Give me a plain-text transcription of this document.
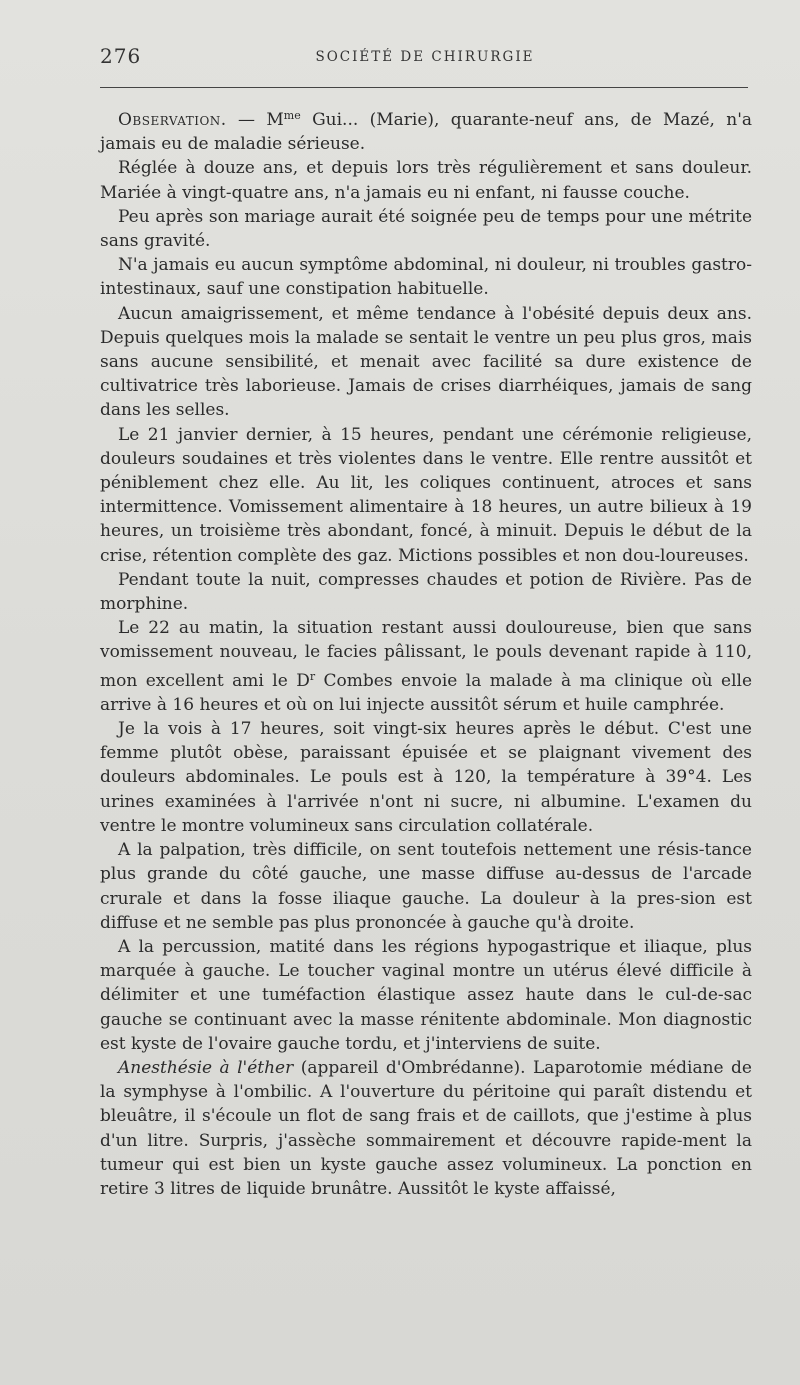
276	SOCIÉTÉ DE CHIRURGIE

Observation. — $M^{me}$ Gui... (Marie), quarante-neuf ans, de Mazé, n'a jamais eu de maladie sérieuse.

Réglée à douze ans, et depuis lors très régulièrement et sans douleur. Mariée à vingt-quatre ans, n'a jamais eu ni enfant, ni fausse couche.

Peu après son mariage aurait été soignée peu de temps pour une métrite sans gravité.

N'a jamais eu aucun symptôme abdominal, ni douleur, ni troubles gastro-intestinaux, sauf une constipation habituelle.

Aucun amaigrissement, et même tendance à l'obésité depuis deux ans. Depuis quelques mois la malade se sentait le ventre un peu plus gros, mais sans aucune sensibilité, et menait avec facilité sa dure existence de cultivatrice très laborieuse. Jamais de crises diarrhéiques, jamais de sang dans les selles.

Le 21 janvier dernier, à 15 heures, pendant une cérémonie religieuse, douleurs soudaines et très violentes dans le ventre. Elle rentre aussitôt et péniblement chez elle. Au lit, les coliques continuent, atroces et sans intermittence. Vomissement alimentaire à 18 heures, un autre bilieux à 19 heures, un troisième très abondant, foncé, à minuit. Depuis le début de la crise, rétention complète des gaz. Mictions possibles et non dou-loureuses.

Pendant toute la nuit, compresses chaudes et potion de Rivière. Pas de morphine.

Le 22 au matin, la situation restant aussi douloureuse, bien que sans vomissement nouveau, le facies pâlissant, le pouls devenant rapide à 110, mon excellent ami le $D^r$ Combes envoie la malade à ma clinique où elle arrive à 16 heures et où on lui injecte aussitôt sérum et huile camphrée.

Je la vois à 17 heures, soit vingt-six heures après le début. C'est une femme plutôt obèse, paraissant épuisée et se plaignant vivement des douleurs abdominales. Le pouls est à 120, la température à 39°4. Les urines examinées à l'arrivée n'ont ni sucre, ni albumine. L'examen du ventre le montre volumineux sans circulation collatérale.

A la palpation, très difficile, on sent toutefois nettement une résis-tance plus grande du côté gauche, une masse diffuse au-dessus de l'arcade crurale et dans la fosse iliaque gauche. La douleur à la pres-sion est diffuse et ne semble pas plus prononcée à gauche qu'à droite.

A la percussion, matité dans les régions hypogastrique et iliaque, plus marquée à gauche. Le toucher vaginal montre un utérus élevé difficile à délimiter et une tuméfaction élastique assez haute dans le cul-de-sac gauche se continuant avec la masse rénitente abdominale. Mon diagnostic est kyste de l'ovaire gauche tordu, et j'interviens de suite.

Anesthésie à l'éther (appareil d'Ombrédanne). Laparotomie médiane de la symphyse à l'ombilic. A l'ouverture du péritoine qui paraît distendu et bleuâtre, il s'écoule un flot de sang frais et de caillots, que j'estime à plus d'un litre. Surpris, j'assèche sommairement et découvre rapide-ment la tumeur qui est bien un kyste gauche assez volumineux. La ponction en retire 3 litres de liquide brunâtre. Aussitôt le kyste affaissé,
